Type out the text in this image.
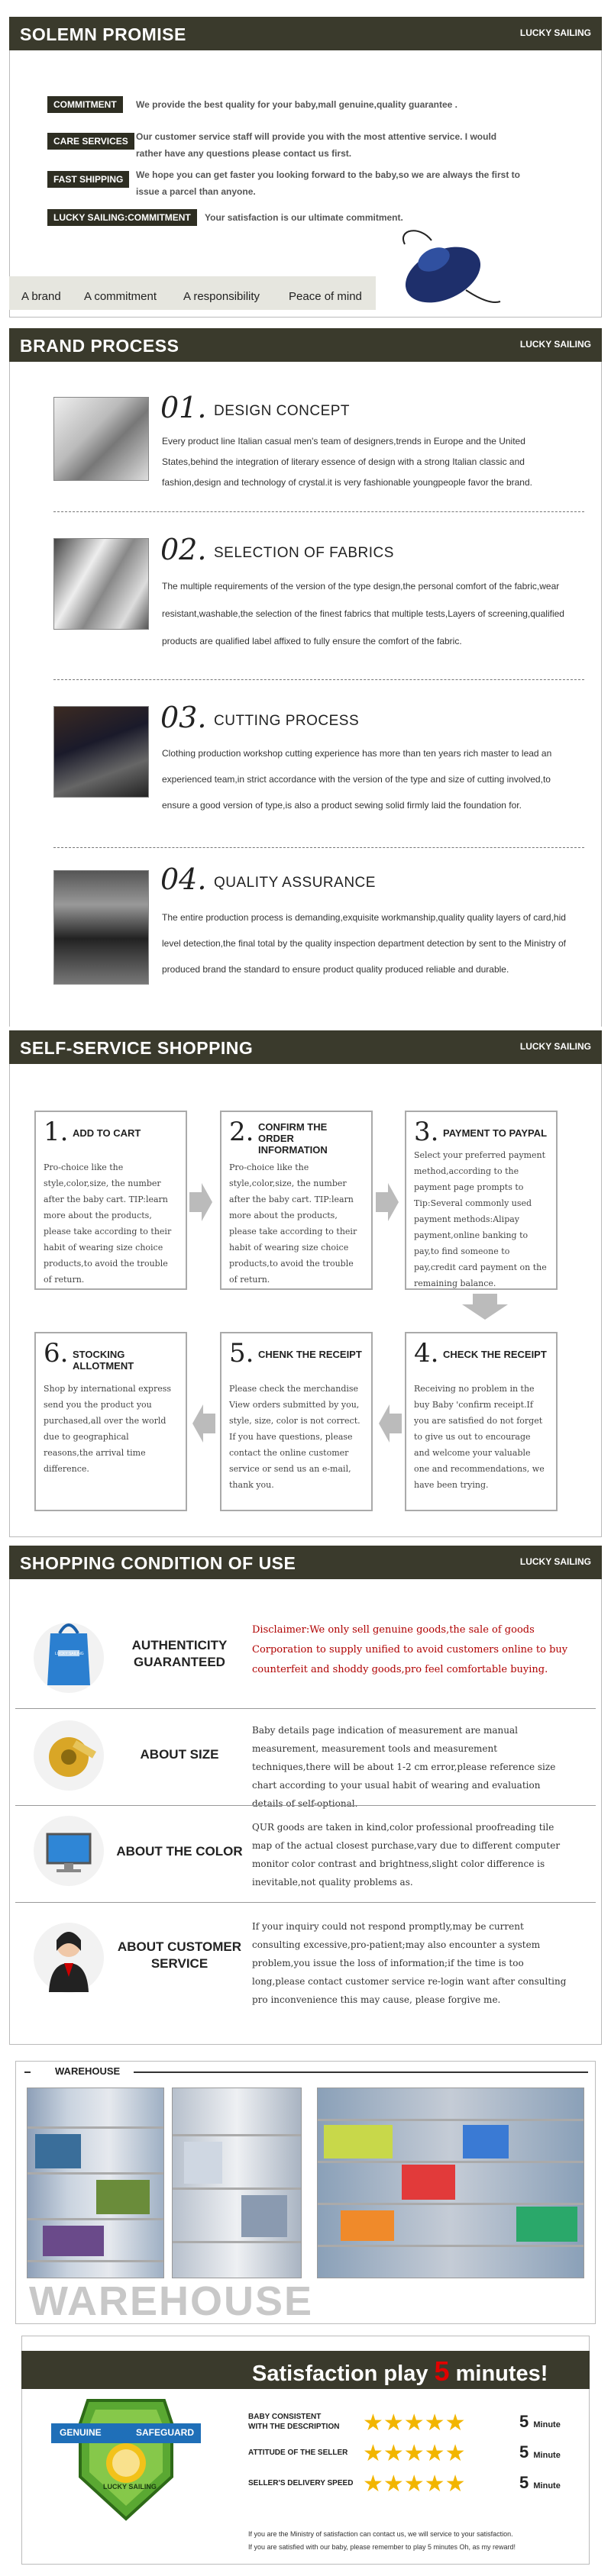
SOLEMN PROMISE	LUCKY SAILING
COMMITMENT	We provide the best quality for your baby,mall genuine,quality guarantee .
CARE SERVICES Our customer service staff will provide you with the most attentive service. I would rather have any questions please contact us first.
FAST SHIPPING	We hope you can get faster you looking forward to the baby,so we are always the first to issue a parcel than anyone.
LUCKY SAILING:COMMITMENT	Your satisfaction is our ultimate commitment.
A brand A commitment A responsibility	Peace of mind
BRAND PROCESS	LUCKY SAILING
01. DESIGN CONCEPT
Every product line Italian casual men's team of designers,trends in Europe and the United States,behind the integration of literary essence of design with a strong Italian classic and fashion,design and technology of crystal.it is very fashionable youngpeople favor the brand.
02. SELECTION OF FABRICS
The multiple requirements of the version of the type design,the personal comfort of the fabric,wear resistant,washable,the selection of the finest fabrics that multiple tests,Layers of screening,qualified products are qualified label affixed to fully ensure the comfort of the fabric.
03. CUTTING PROCESS
Clothing production workshop cutting experience has more than ten years rich master to lead an experienced team,in strict accordance with the version of the type and size of cutting involved,to ensure a good version of type,is also a product sewing solid firmly laid the foundation for.
04. QUALITY ASSURANCE
The entire production process is demanding,exquisite workmanship,quality quality layers of card,hid level detection,the final total by the quality inspection department detection by sent to the Ministry of produced brand the standard to ensure product quality produced reliable and durable.
SELF-SERVICE SHOPPING	LUCKY SAILING
1. ADD TO CART
Pro-choice like the style,color,size, the number after the baby cart. TIP:learn more about the products, please take according to their habit of wearing size choice products,to avoid the trouble of return.
2. CONFIRM THE ORDER INFORMATION
Pro-choice like the style,color,size, the number after the baby cart. TIP:learn more about the products, please take according to their habit of wearing size choice products,to avoid the trouble of return.
3. PAYMENT TO PAYPAL
Select your preferred payment method,according to the payment page prompts to Tip:Several commonly used payment methods:Alipay payment,online banking to pay,to find someone to pay,credit card payment on the remaining balance.
6. STOCKING ALLOTMENT
Shop by international express send you the product you purchased,all over the world due to geographical reasons,the arrival time difference.
5. CHENK THE RECEIPT
Please check the merchandise View orders submitted by you, style, size, color is not correct. If you have questions, please contact the online customer service or send us an e-mail, thank you.
4. CHECK THE RECEIPT
Receiving no problem in the buy Baby 'confirm receipt.If you are satisfied do not forget to give us out to encourage and welcome your valuable one and recommendations, we have been trying.
SHOPPING CONDITION OF USE	LUCKY SAILING
LUCKY SAILING
AUTHENTICITY GUARANTEED
Disclaimer:We only sell genuine goods,the sale of goods Corporation to supply unified to avoid customers online to buy counterfeit and shoddy goods,pro feel comfortable buying.
ABOUT SIZE
Baby details page indication of measurement are manual measurement, measurement tools and measurement techniques,there will be about 1-2 cm error,please reference size chart according to your usual habit of wearing and evaluation details of self-optional.
ABOUT THE COLOR
QUR goods are taken in kind,color professional proofreading tile map of the actual closest purchase,vary due to different computer monitor color contrast and brightness,slight color difference is inevitable,not quality problems as.
ABOUT CUSTOMER SERVICE
If your inquiry could not respond promptly,may be current consulting excessive,pro-patient;may also encounter a system problem,you issue the loss of information;if the time is too long,please contact customer service re-login want after consulting pro inconvenience this may cause, please forgive me.
WAREHOUSE
WAREHOUSE
Satisfaction play 5 minutes!
GENUINE	SAFEGUARD
LUCKY SAILING
BABY CONSISTENT WITH THE DESCRIPTION ★★★★★	5 Minute
ATTITUDE OF THE SELLER ★★★★★	5 Minute
SELLER'S DELIVERY SPEED ★★★★★	5 Minute
If you are the Ministry of satisfaction can contact us, we will service to your satisfaction.
If you are satisfied with our baby, please remember to play 5 minutes Oh, as my reward!
